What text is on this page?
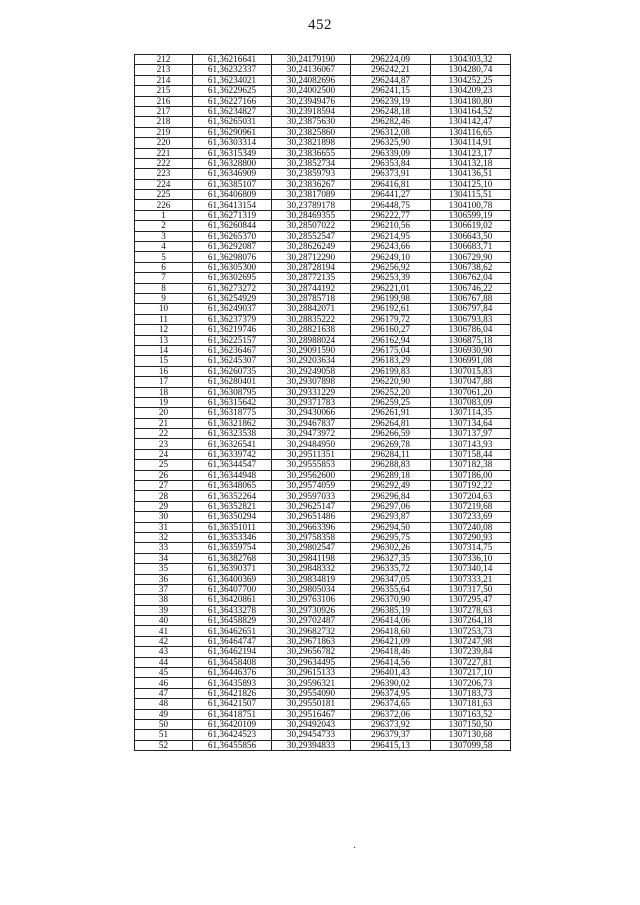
452
212	61,36216641	30,24179190	296224,09	1304303,32
213	61,36232337	30,24136067	296242,21	1304280,74
214	61,36234021	30,24082696	296244,87	1304252,25
215	61,36229625	30,24002500	296241,15	1304209,23
216	61,36227166	30,23949476	296239,19	1304180,80
217	61,36234827	30,23918594	296248,18	1304164,52
218	61,36265031	30,23875630	296282,46	1304142,47
219	61,36290961	30,23825860	296312,08	1304116,65
220	61,36303314	30,23821898	296325,90	1304114,91
221	61,36315349	30,23836655	296339,09	1304123,17
222	61,36328800	30,23852734	296353,84	1304132,18
223	61,36346909	30,23859793	296373,91	1304136,51
224	61,36385107	30,23836267	296416,81	1304125,10
225	61,36406809	30,23817089	296441,27	1304115,51
226	61,36413154	30,23789178	296448,75	1304100,78
1	61,36271319	30,28469355	296222,77	1306599,19
2	61,36260844	30,28507022	296210,56	1306619,02
3	61,36265370	30,28552547	296214,95	1306643,50
4	61,36292087	30,28626249	296243,66	1306683,71
5	61,36298076	30,28712290	296249,10	1306729,90
6	61,36305300	30,28728194	296256,92	1306738,62
7	61,36302695	30,28772135	296253,39	1306762,04
8	61,36273272	30,28744192	296221,01	1306746,22
9	61,36254929	30,28785718	296199,98	1306767,88
10	61,36249037	30,28842071	296192,61	1306797,84
11	61,36237379	30,28835222	296179,72	1306793,83
12	61,36219746	30,28821638	296160,27	1306786,04
13	61,36225157	30,28988024	296162,94	1306875,18
14	61,36236467	30,29091590	296175,04	1306930,90
15	61,36245307	30,29203634	296183,29	1306991,08
16	61,36260735	30,29249058	296199,83	1307015,83
17	61,36280401	30,29307898	296220,90	1307047,88
18	61,36308795	30,29331229	296252,20	1307061,20
19	61,36315642	30,29371783	296259,25	1307083,09
20	61,36318775	30,29430066	296261,91	1307114,35
21	61,36321862	30,29467837	296264,81	1307134,64
22	61,36323538	30,29473972	296266,59	1307137,97
23	61,36326541	30,29484950	296269,78	1307143,93
24	61,36339742	30,29511351	296284,11	1307158,44
25	61,36344547	30,29555853	296288,83	1307182,38
26	61,36344948	30,29562600	296289,18	1307186,00
27	61,36348065	30,29574059	296292,49	1307192,22
28	61,36352264	30,29597033	296296,84	1307204,63
29	61,36352821	30,29625147	296297,06	1307219,68
30	61,36350294	30,29651486	296293,87	1307233,69
31	61,36351011	30,29663396	296294,50	1307240,08
32	61,36353346	30,29758358	296295,75	1307290,93
33	61,36359754	30,29802547	296302,26	1307314,75
34	61,36382768	30,29841198	296327,35	1307336,10
35	61,36390371	30,29848332	296335,72	1307340,14
36	61,36400369	30,29834819	296347,05	1307333,21
37	61,36407700	30,29805034	296355,64	1307317,50
38	61,36420861	30,29763106	296370,90	1307295,47
39	61,36433278	30,29730926	296385,19	1307278,63
40	61,36458829	30,29702487	296414,06	1307264,18
41	61,36462651	30,29682732	296418,60	1307253,73
42	61,36464747	30,29671863	296421,09	1307247,98
43	61,36462194	30,29656782	296418,46	1307239,84
44	61,36458408	30,29634495	296414,56	1307227,81
45	61,36446376	30,29615133	296401,43	1307217,10
46	61,36435893	30,29596321	296390,02	1307206,73
47	61,36421826	30,29554090	296374,95	1307183,73
48	61,36421507	30,29550181	296374,65	1307181,63
49	61,36418751	30,29516467	296372,06	1307163,52
50	61,36420109	30,29492043	296373,92	1307150,50
51	61,36424523	30,29454733	296379,37	1307130,68
52	61,36455856	30,29394833	296415,13	1307099,58
·
